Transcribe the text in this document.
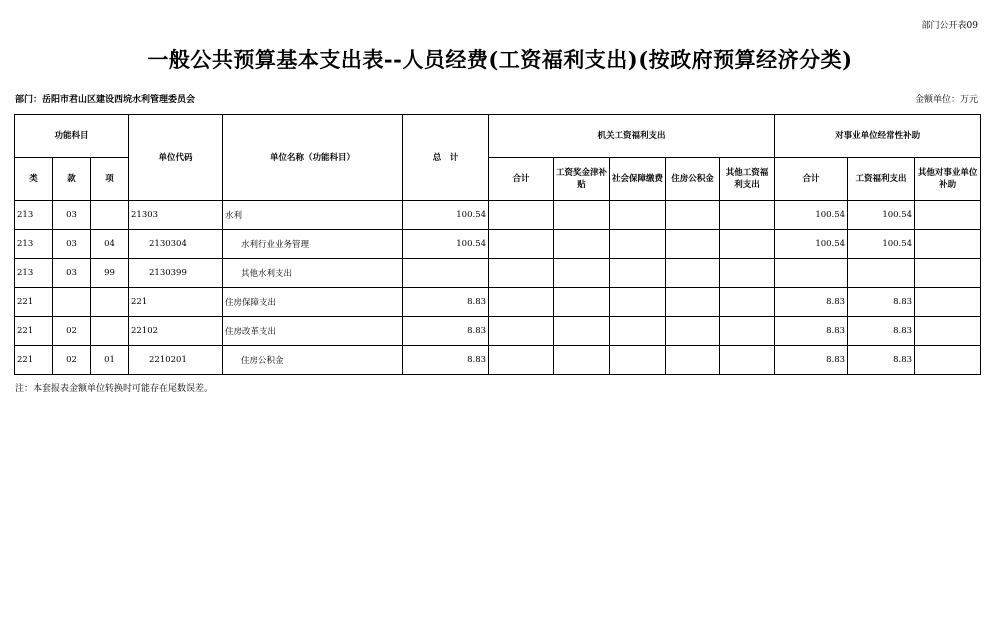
部门公开表09
一般公共预算基本支出表--人员经费(工资福利支出)(按政府预算经济分类)
部门：岳阳市君山区建设西垸水利管理委员会	金额单位：万元
功能科目			单位代码	单位名称（功能科目）	总　计	机关工资福利支出					对事业单位经常性补助		
类	款	项				合计	工资奖金津补贴	社会保障缴费	住房公积金	其他工资福利支出	合计	工资福利支出	其他对事业单位补助
213	03		21303	水利	100.54						100.54	100.54	
213	03	04	2130304	水利行业业务管理	100.54						100.54	100.54	
213	03	99	2130399	其他水利支出									
221			221	住房保障支出	8.83						8.83	8.83	
221	02		22102	住房改革支出	8.83						8.83	8.83	
221	02	01	2210201	住房公积金	8.83						8.83	8.83	
注：本套报表金额单位转换时可能存在尾数误差。
